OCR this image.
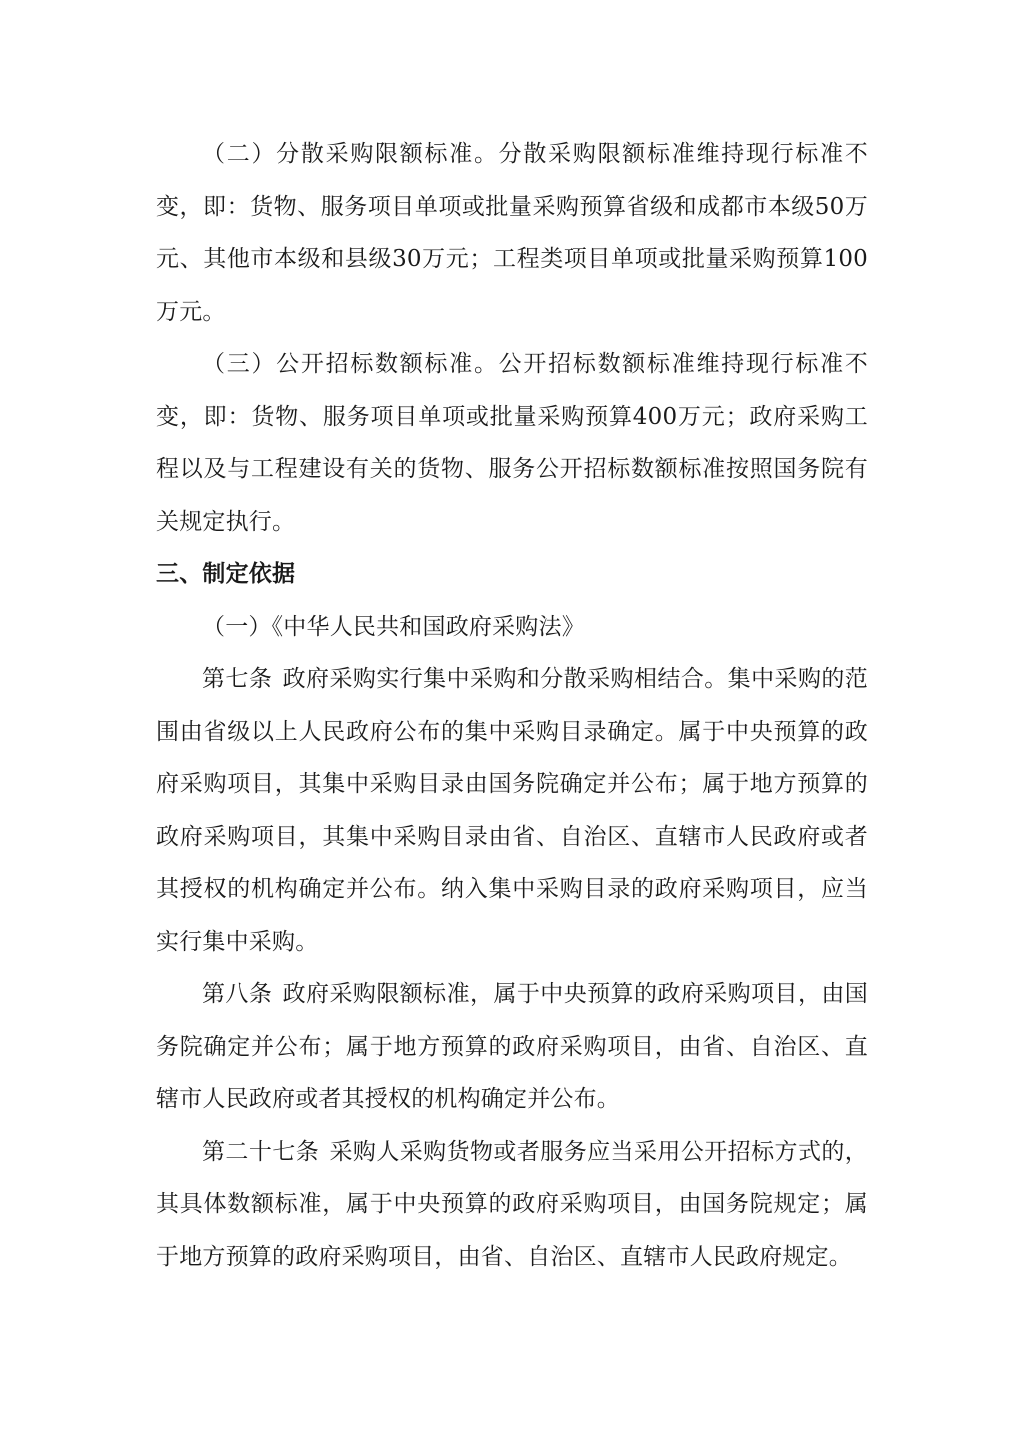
（二）分散采购限额标准。分散采购限额标准维持现行标准不变，即：货物、服务项目单项或批量采购预算省级和成都市本级50万元、其他市本级和县级30万元；工程类项目单项或批量采购预算100万元。

（三）公开招标数额标准。公开招标数额标准维持现行标准不变，即：货物、服务项目单项或批量采购预算400万元；政府采购工程以及与工程建设有关的货物、服务公开招标数额标准按照国务院有关规定执行。

三、制定依据

（一）《中华人民共和国政府采购法》

第七条 政府采购实行集中采购和分散采购相结合。集中采购的范围由省级以上人民政府公布的集中采购目录确定。属于中央预算的政府采购项目，其集中采购目录由国务院确定并公布；属于地方预算的政府采购项目，其集中采购目录由省、自治区、直辖市人民政府或者其授权的机构确定并公布。纳入集中采购目录的政府采购项目，应当实行集中采购。

第八条 政府采购限额标准，属于中央预算的政府采购项目，由国务院确定并公布；属于地方预算的政府采购项目，由省、自治区、直辖市人民政府或者其授权的机构确定并公布。

第二十七条 采购人采购货物或者服务应当采用公开招标方式的，其具体数额标准，属于中央预算的政府采购项目，由国务院规定；属于地方预算的政府采购项目，由省、自治区、直辖市人民政府规定。
